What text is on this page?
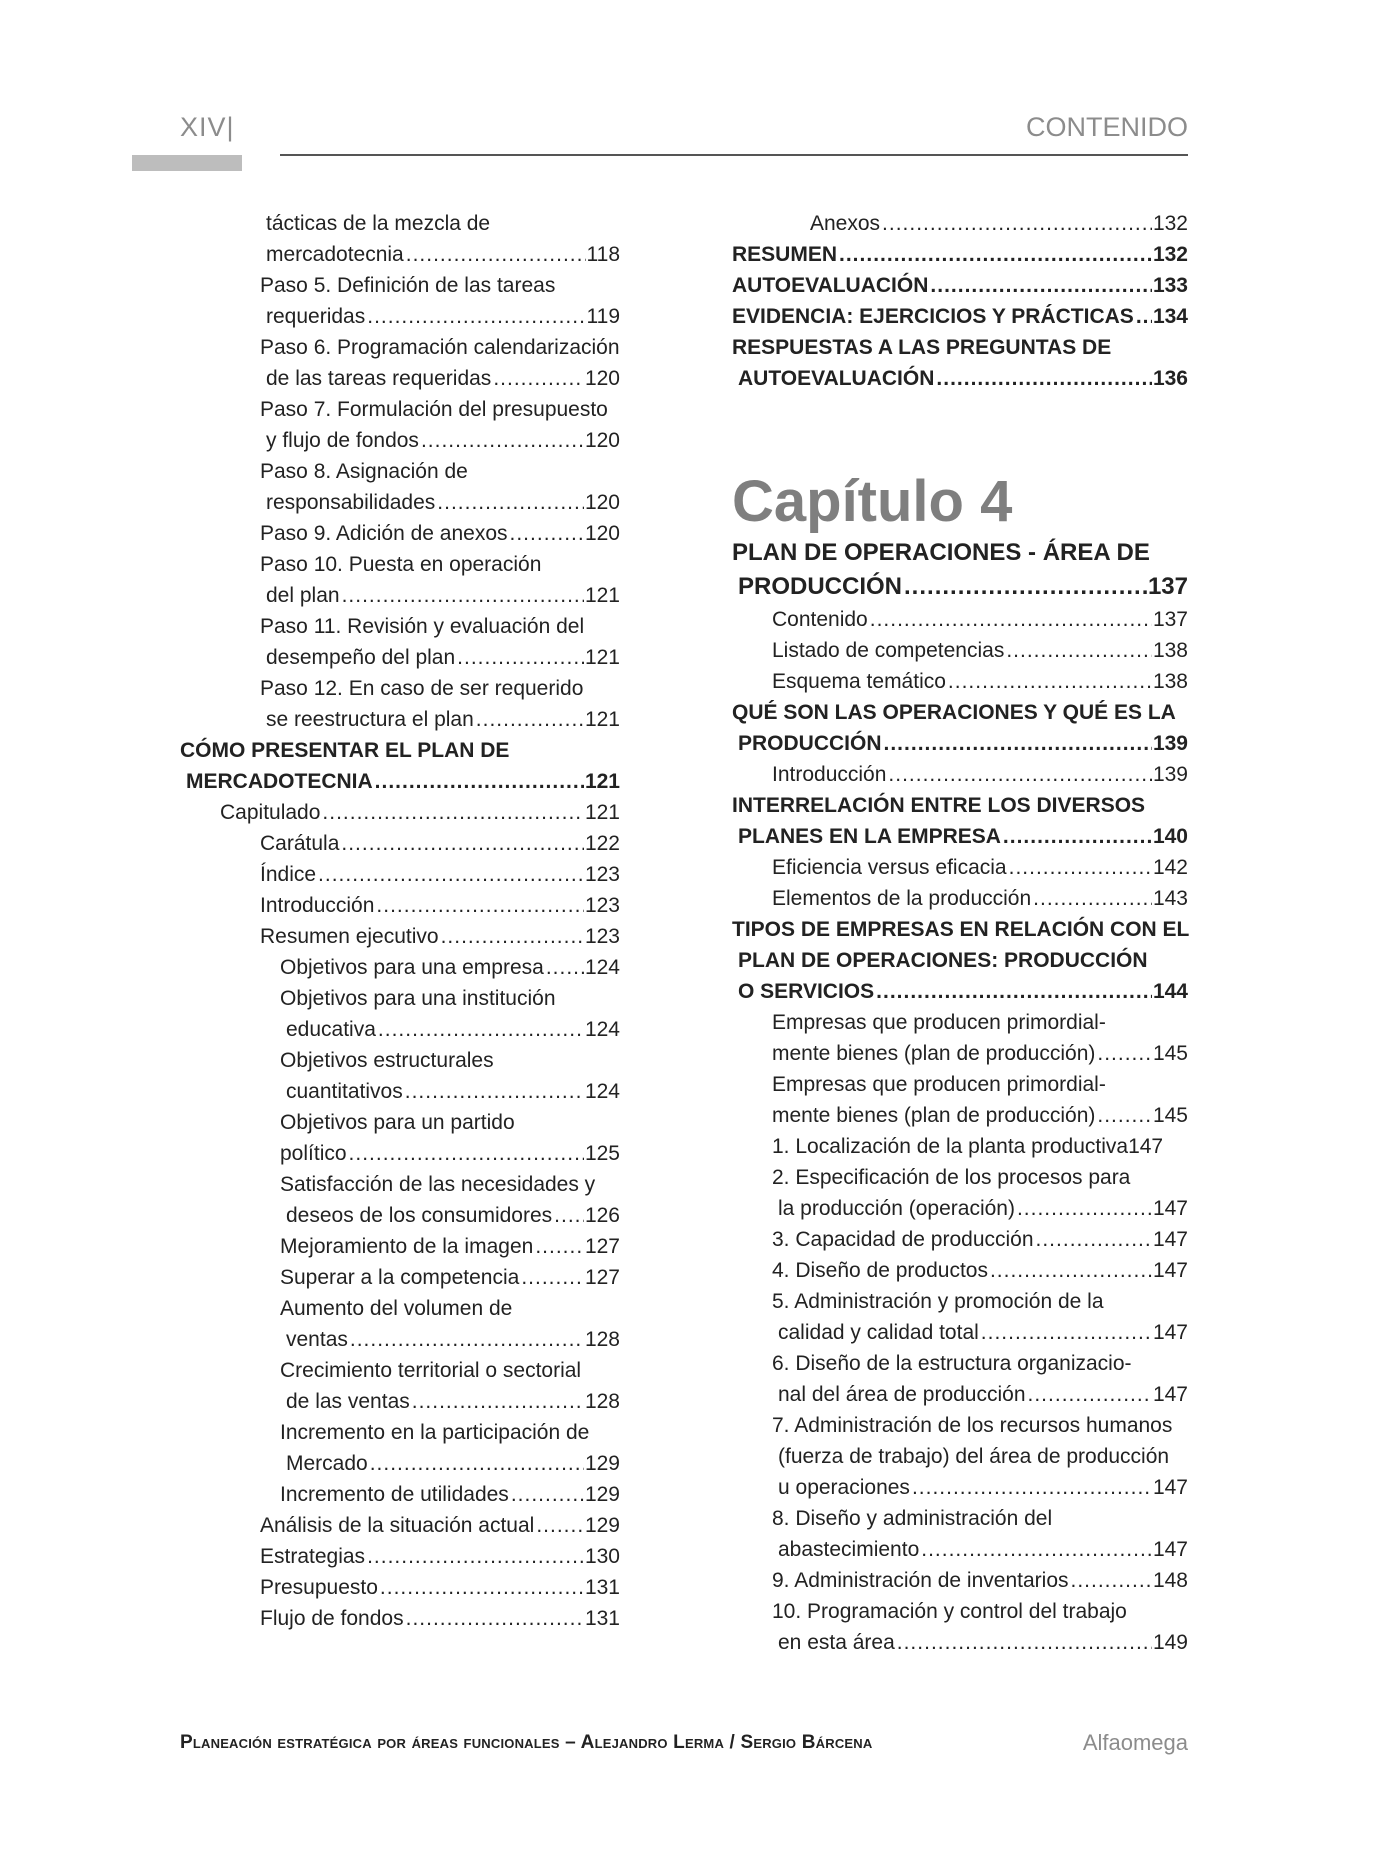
XIV|	CONTENIDO
tácticas de la mezcla de
mercadotecnia .....	118
Paso 5. Definición de las tareas
requeridas .....	119
Paso 6. Programación calendarización
de las tareas requeridas .....	120
Paso 7. Formulación del presupuesto
y flujo de fondos .....	120
Paso 8. Asignación de
responsabilidades .....	120
Paso 9. Adición de anexos .....	120
Paso 10. Puesta en operación
del plan .....	121
Paso 11. Revisión y evaluación del
desempeño del plan .....	121
Paso 12. En caso de ser requerido
se reestructura el plan .....	121
CÓMO PRESENTAR EL PLAN DE
MERCADOTECNIA .....	121
Capitulado .....	121
Carátula .....	122
Índice .....	123
Introducción .....	123
Resumen ejecutivo .....	123
Objetivos para una empresa ..... 124
Objetivos para una institución
educativa .....	124
Objetivos estructurales
cuantitativos .....	124
Objetivos para un partido
político .....	125
Satisfacción de las necesidades y
deseos de los consumidores ..... 126
Mejoramiento de la imagen ..... 127
Superar a la competencia .....	127
Aumento del volumen de
ventas .....	128
Crecimiento territorial o sectorial
de las ventas .....	128
Incremento en la participación de
Mercado .....	129
Incremento de utilidades .....	129
Análisis de la situación actual ..... 129
Estrategias .....	130
Presupuesto .....	131
Flujo de fondos .....	131
Anexos .....	132
RESUMEN .....	132
AUTOEVALUACIÓN .....	133
EVIDENCIA: EJERCICIOS Y PRÁCTICAS ..... 134
RESPUESTAS A LAS PREGUNTAS DE
AUTOEVALUACIÓN .....	136
Capítulo 4
PLAN DE OPERACIONES - ÁREA DE
PRODUCCIÓN .....	137
Contenido .....	137
Listado de competencias .....	138
Esquema temático .....	138
QUÉ SON LAS OPERACIONES Y QUÉ ES LA
PRODUCCIÓN .....	139
Introducción .....	139
INTERRELACIÓN ENTRE LOS DIVERSOS
PLANES EN LA EMPRESA .....	140
Eficiencia versus eficacia .....	142
Elementos de la producción .....	143
TIPOS DE EMPRESAS EN RELACIÓN CON EL
PLAN DE OPERACIONES: PRODUCCIÓN
O SERVICIOS .....	144
Empresas que producen primordial-
mente bienes (plan de producción) .....	145
Empresas que producen primordial-
mente bienes (plan de producción) .....	145
1. Localización de la planta productiva147
2. Especificación de los procesos para
la producción (operación) .....	147
3. Capacidad de producción .....	147
4. Diseño de productos .....	147
5. Administración y promoción de la
calidad y calidad total .....	147
6. Diseño de la estructura organizacio-
nal del área de producción .....	147
7. Administración de los recursos humanos
(fuerza de trabajo) del área de producción
u operaciones .....	147
8. Diseño y administración del
abastecimiento .....	147
9. Administración de inventarios .....	148
10. Programación y control del trabajo
en esta área .....	149
Planeación estratégica por áreas funcionales – Alejandro Lerma / Sergio Bárcena	Alfaomega
